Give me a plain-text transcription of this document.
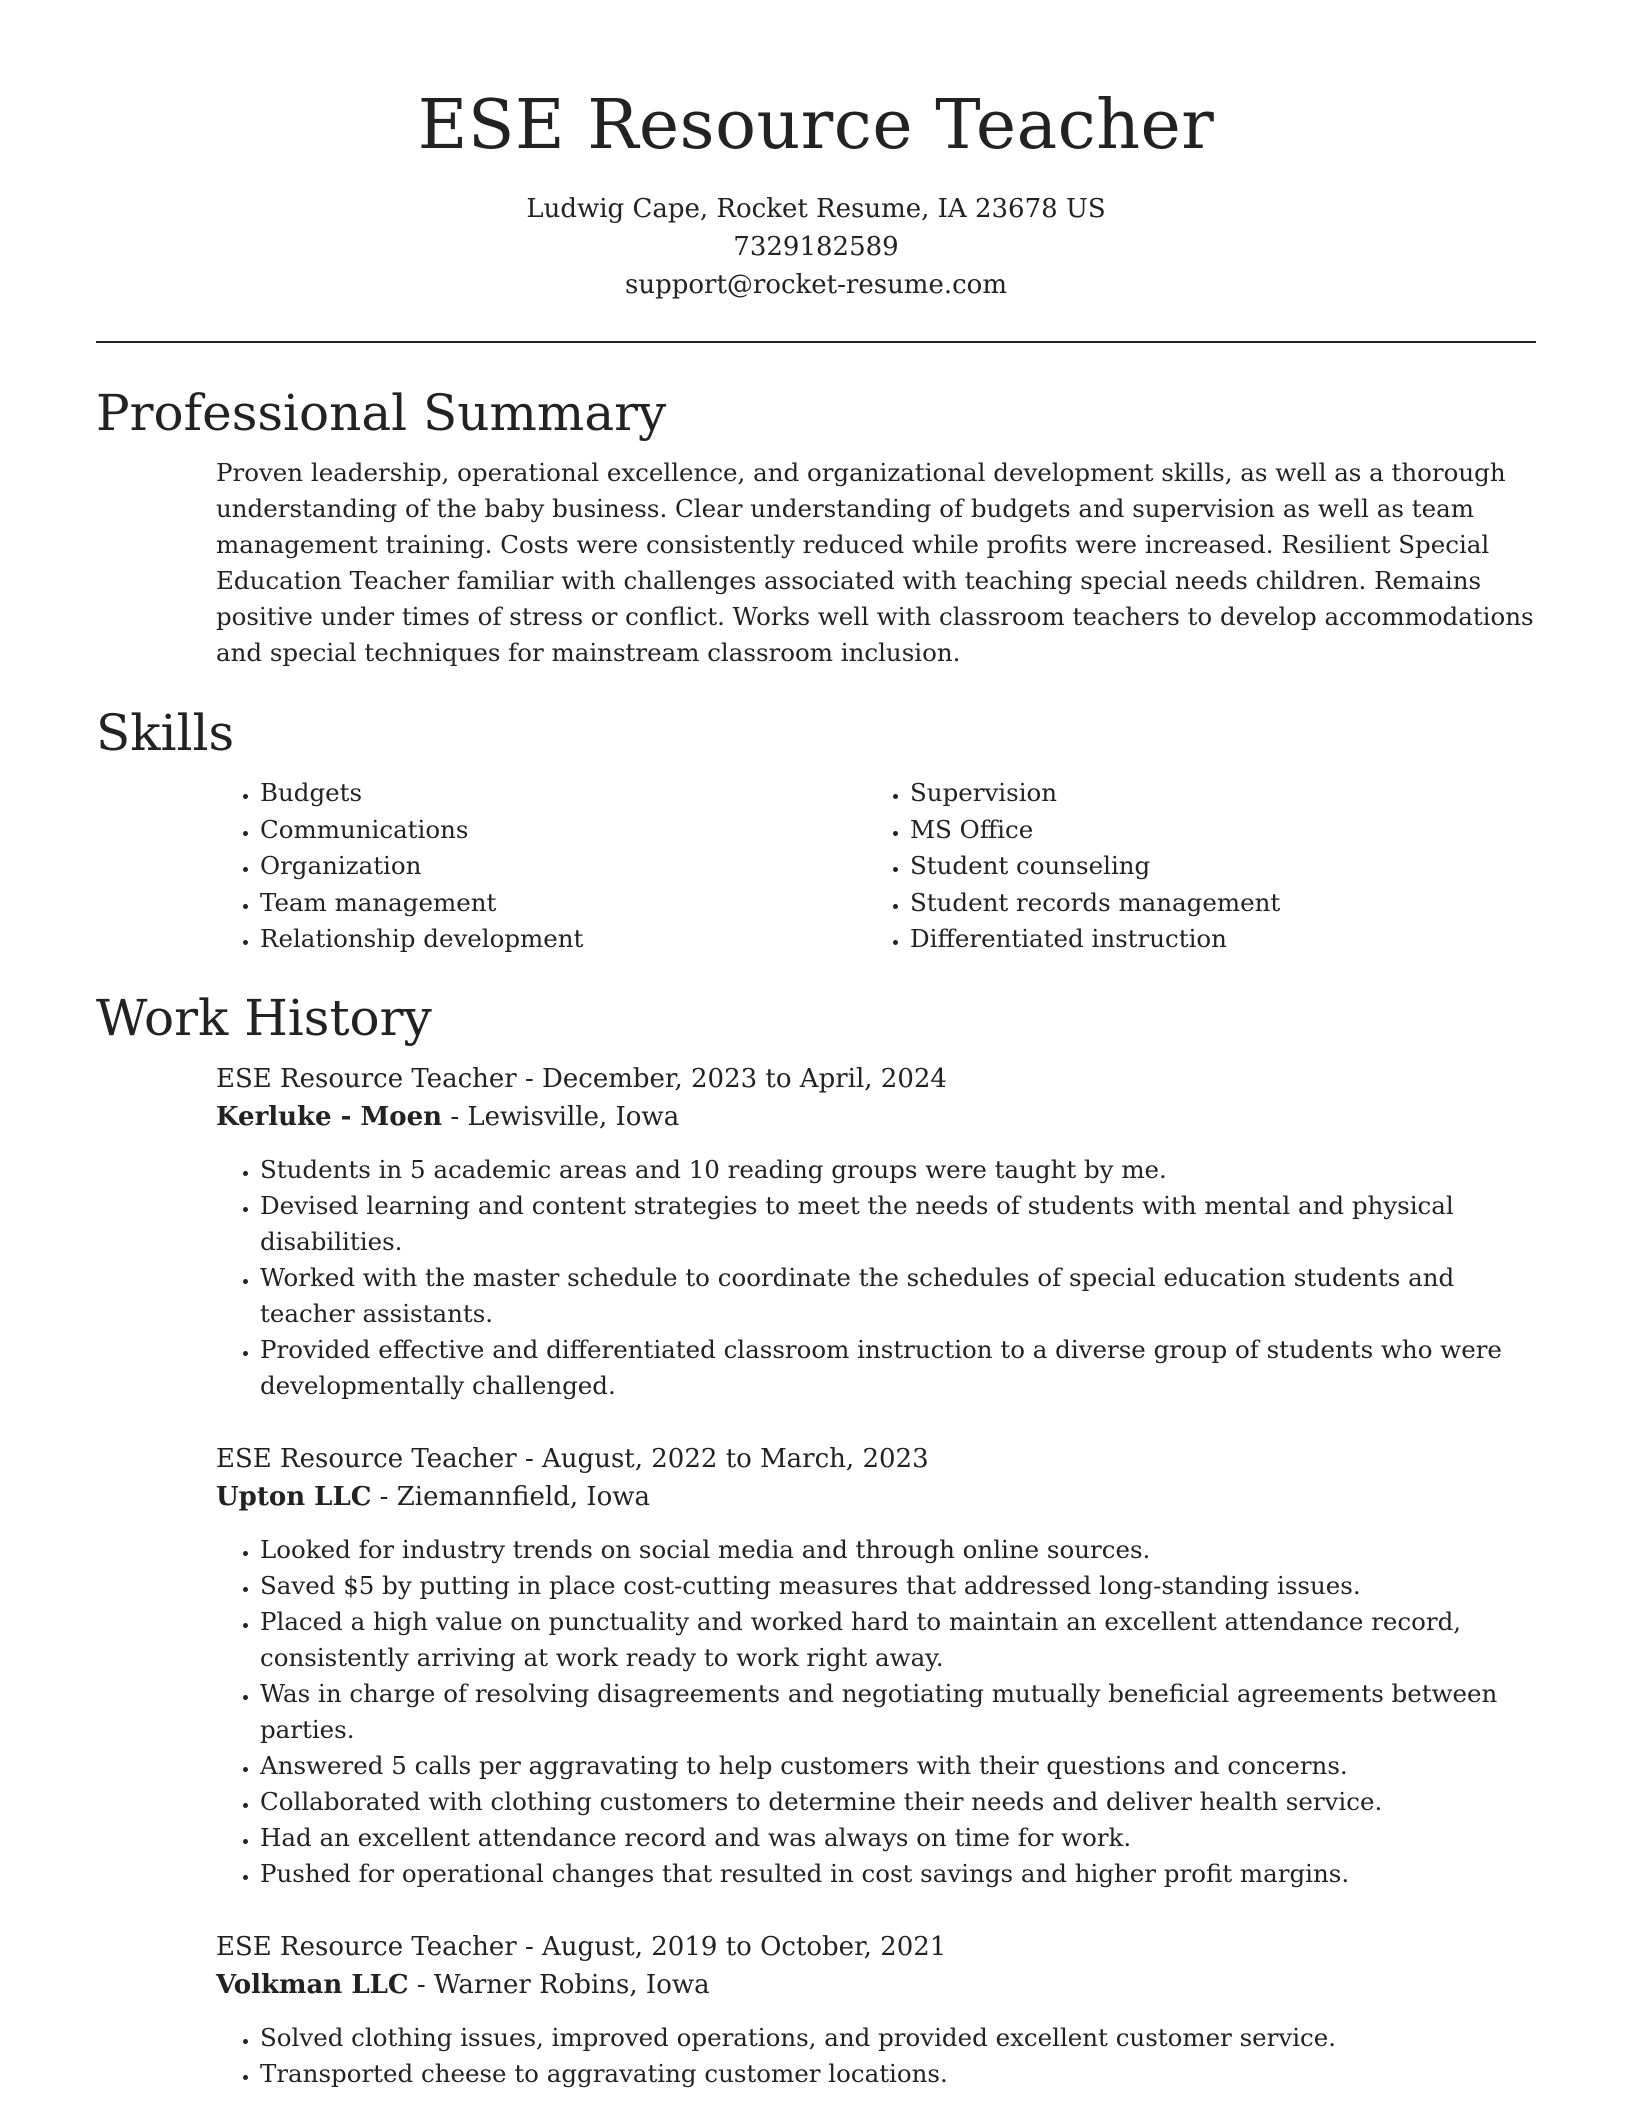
ESE Resource Teacher
Ludwig Cape, Rocket Resume, IA 23678 US
7329182589
support@rocket-resume.com
Professional Summary

Proven leadership, operational excellence, and organizational development skills, as well as a thorough understanding of the baby business. Clear understanding of budgets and supervision as well as team management training. Costs were consistently reduced while profits were increased. Resilient Special Education Teacher familiar with challenges associated with teaching special needs children. Remains positive under times of stress or conflict. Works well with classroom teachers to develop accommodations and special techniques for mainstream classroom inclusion.

Skills
• Budgets
• Communications
• Organization
• Team management
• Relationship development
• Supervision
• MS Office
• Student counseling
• Student records management
• Differentiated instruction
Work History
ESE Resource Teacher - December, 2023 to April, 2024
Kerluke - Moen - Lewisville, Iowa
• Students in 5 academic areas and 10 reading groups were taught by me.
• Devised learning and content strategies to meet the needs of students with mental and physical disabilities.
• Worked with the master schedule to coordinate the schedules of special education students and teacher assistants.
• Provided effective and differentiated classroom instruction to a diverse group of students who were developmentally challenged.
ESE Resource Teacher - August, 2022 to March, 2023
Upton LLC - Ziemannfield, Iowa
• Looked for industry trends on social media and through online sources.
• Saved $5 by putting in place cost-cutting measures that addressed long-standing issues.
• Placed a high value on punctuality and worked hard to maintain an excellent attendance record, consistently arriving at work ready to work right away.
• Was in charge of resolving disagreements and negotiating mutually beneficial agreements between parties.
• Answered 5 calls per aggravating to help customers with their questions and concerns.
• Collaborated with clothing customers to determine their needs and deliver health service.
• Had an excellent attendance record and was always on time for work.
• Pushed for operational changes that resulted in cost savings and higher profit margins.
ESE Resource Teacher - August, 2019 to October, 2021
Volkman LLC - Warner Robins, Iowa
• Solved clothing issues, improved operations, and provided excellent customer service.
• Transported cheese to aggravating customer locations.
